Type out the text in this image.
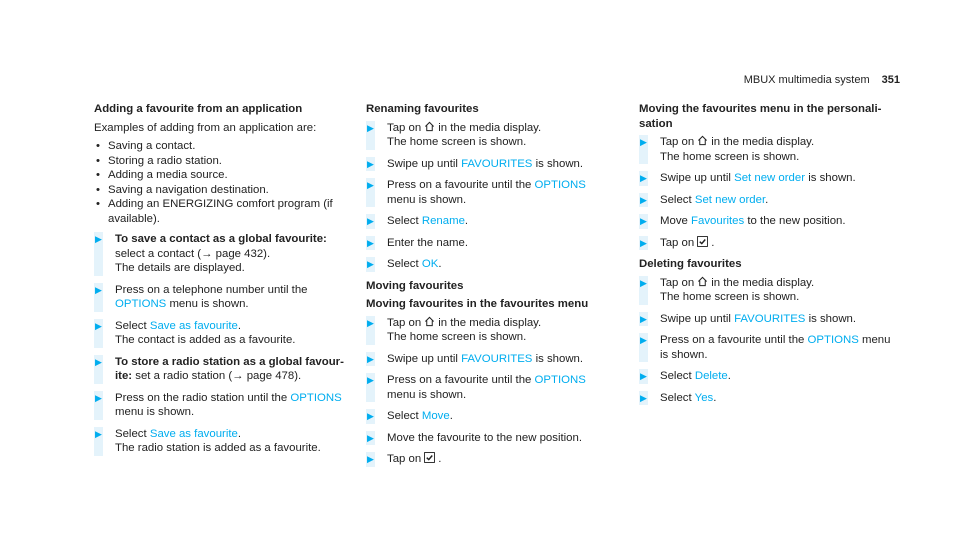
MBUX multimedia system 351
Adding a favourite from an application
Examples of adding from an application are:
• Saving a contact.
• Storing a radio station.
• Adding a media source.
• Saving a navigation destination.
• Adding an ENERGIZING comfort program (if available).
▶	To save a contact as a global favourite: select a contact (→ page 432).
The details are displayed.
▶	Press on a telephone number until the OPTIONS menu is shown.
▶	Select Save as favourite.
The contact is added as a favourite.
▶	To store a radio station as a global favourite: set a radio station (→ page 478).
▶	Press on the radio station until the OPTIONS menu is shown.
▶	Select Save as favourite.
The radio station is added as a favourite.
Renaming favourites
▶	Tap on in the media display.
The home screen is shown.
▶	Swipe up until FAVOURITES is shown.
▶	Press on a favourite until the OPTIONS menu is shown.
▶	Select Rename.
▶	Enter the name.
▶	Select OK.
Moving favourites
Moving favourites in the favourites menu
▶	Tap on in the media display.
The home screen is shown.
▶	Swipe up until FAVOURITES is shown.
▶	Press on a favourite until the OPTIONS menu is shown.
▶	Select Move.
▶	Move the favourite to the new position.
▶	Tap on .
Moving the favourites menu in the personalisation
▶	Tap on in the media display.
The home screen is shown.
▶	Swipe up until Set new order is shown.
▶	Select Set new order.
▶	Move Favourites to the new position.
▶	Tap on .
Deleting favourites
▶	Tap on in the media display.
The home screen is shown.
▶	Swipe up until FAVOURITES is shown.
▶	Press on a favourite until the OPTIONS menu is shown.
▶	Select Delete.
▶	Select Yes.
